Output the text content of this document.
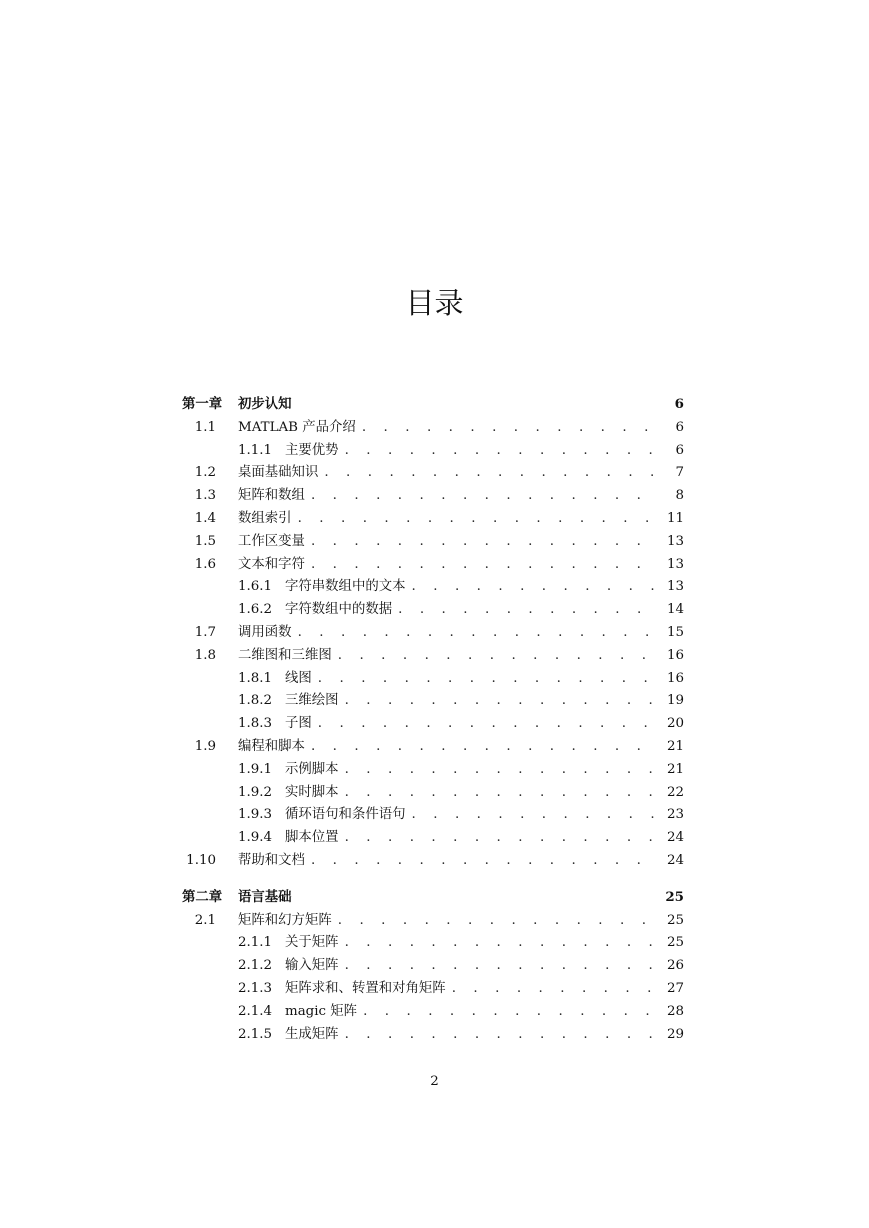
目录
第一章	初步认知	6
1.1 MATLAB 产品介绍 . . .	6
1.1.1 主要优势 . . .	6
1.2 桌面基础知识 . . .	7
1.3 矩阵和数组 . . .	8
1.4 数组索引 . . .	11
1.5 工作区变量 . . .	13
1.6 文本和字符 . . .	13
1.6.1 字符串数组中的文本 . . .	13
1.6.2 字符数组中的数据 . . .	14
1.7 调用函数 . . .	15
1.8 二维图和三维图 . . .	16
1.8.1 线图 . . .	16
1.8.2 三维绘图 . . .	19
1.8.3 子图 . . .	20
1.9 编程和脚本 . . .	21
1.9.1 示例脚本 . . .	21
1.9.2 实时脚本 . . .	22
1.9.3 循环语句和条件语句 . . .	23
1.9.4 脚本位置 . . .	24
1.10 帮助和文档 . . .	24
第二章	语言基础	25
2.1 矩阵和幻方矩阵 . . .	25
2.1.1 关于矩阵 . . .	25
2.1.2 输入矩阵 . . .	26
2.1.3 矩阵求和、转置和对角矩阵 . . .	27
2.1.4 magic 矩阵 . . .	28
2.1.5 生成矩阵 . . .	29
2
